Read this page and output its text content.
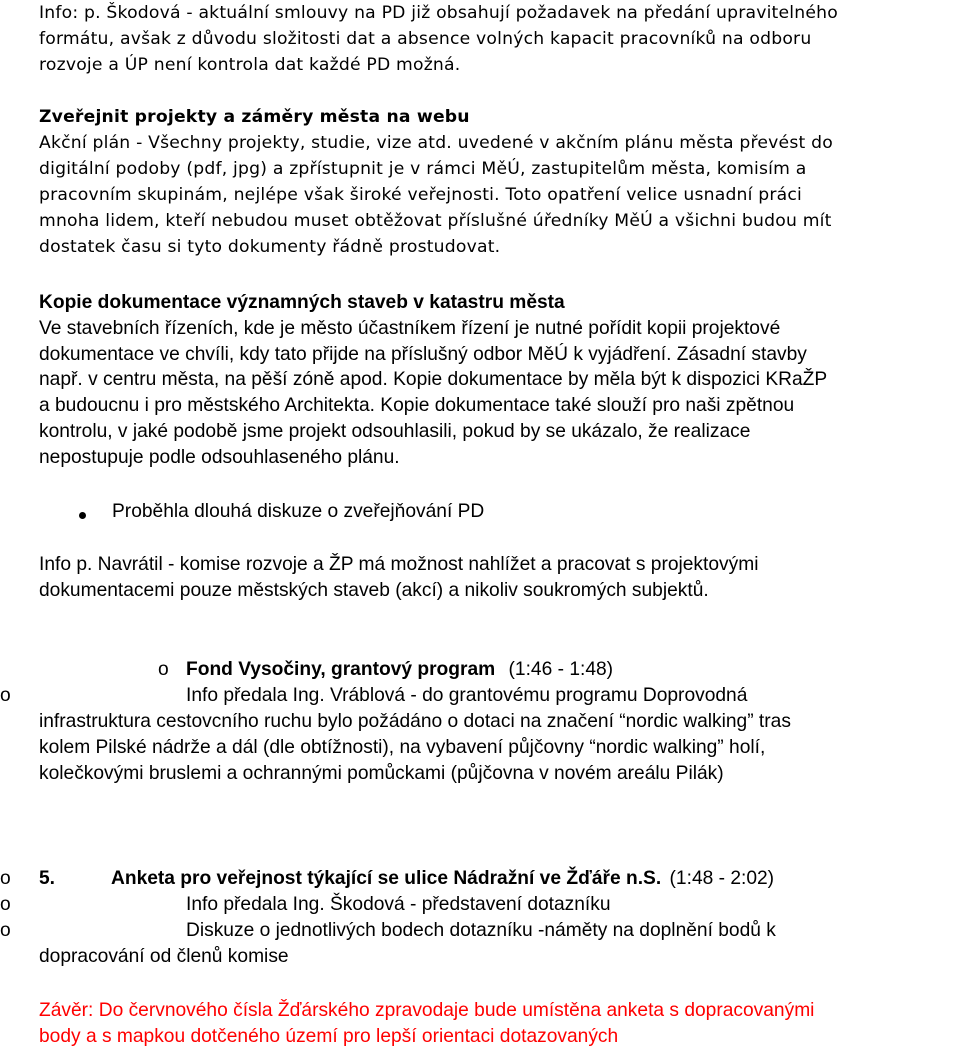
Info: p. Škodová - aktuální smlouvy na PD již obsahují požadavek na předání upravitelného
formátu, avšak z důvodu složitosti dat a absence volných kapacit pracovníků na odboru
rozvoje a ÚP není kontrola dat každé PD možná.
Zveřejnit projekty a záměry města na webu
Akční plán - Všechny projekty, studie, vize atd. uvedené v akčním plánu města převést do
digitální podoby (pdf, jpg) a zpřístupnit je v rámci MěÚ, zastupitelům města, komisím a
pracovním skupinám, nejlépe však široké veřejnosti. Toto opatření velice usnadní práci
mnoha lidem, kteří nebudou muset obtěžovat příslušné úředníky MěÚ a všichni budou mít
dostatek času si tyto dokumenty řádně prostudovat.
Kopie dokumentace významných staveb v katastru města
Ve stavebních řízeních, kde je město účastníkem řízení je nutné pořídit kopii projektové
dokumentace ve chvíli, kdy tato přijde na příslušný odbor MěÚ k vyjádření. Zásadní stavby
např. v centru města, na pěší zóně apod. Kopie dokumentace by měla být k dispozici KRaŽP
a budoucnu i pro městského Architekta. Kopie dokumentace také slouží pro naši zpětnou
kontrolu, v jaké podobě jsme projekt odsouhlasili, pokud by se ukázalo, že realizace
nepostupuje podle odsouhlaseného plánu.
Proběhla dlouhá diskuze o zveřejňování PD
Info p. Navrátil - komise rozvoje a ŽP má možnost nahlížet a pracovat s projektovými
dokumentacemi pouze městských staveb (akcí) a nikoliv soukromých subjektů.
o Fond Vysočiny, grantový program (1:46 - 1:48)
o	Info předala Ing. Vráblová - do grantovému programu Doprovodná
infrastruktura cestovcního ruchu bylo požádáno o dotaci na značení “nordic walking” tras
kolem Pilské nádrže a dál (dle obtížnosti), na vybavení půjčovny “nordic walking” holí,
kolečkovými bruslemi a ochrannými pomůckami (půjčovna v novém areálu Pilák)
o 5.	Anketa pro veřejnost týkající se ulice Nádražní ve Žďáře n.S. (1:48 - 2:02)
o	Info předala Ing. Škodová - představení dotazníku
o	Diskuze o jednotlivých bodech dotazníku -náměty na doplnění bodů k
dopracování od členů komise
Závěr: Do červnového čísla Žďárského zpravodaje bude umístěna anketa s dopracovanými
body a s mapkou dotčeného území pro lepší orientaci dotazovaných
